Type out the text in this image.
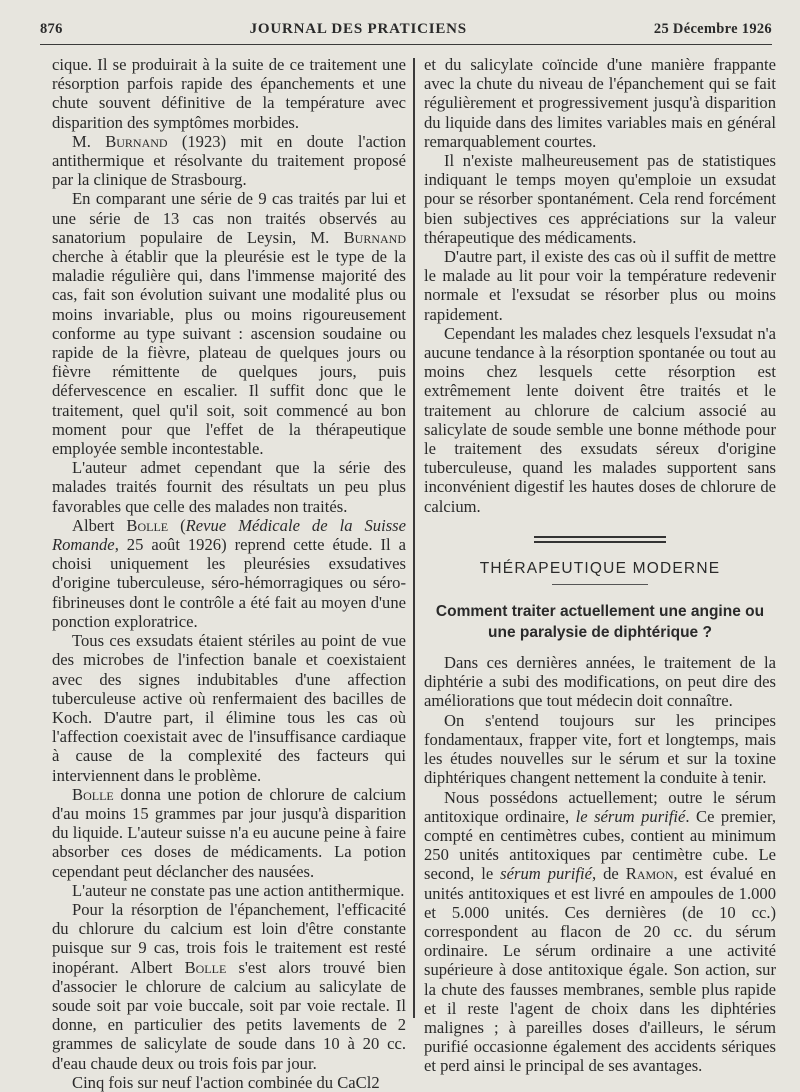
876	JOURNAL DES PRATICIENS	25 Décembre 1926

cique. Il se produirait à la suite de ce traitement une résorption parfois rapide des épanchements et une chute souvent définitive de la température avec disparition des symptômes morbides.

M. Burnand (1923) mit en doute l'action antithermique et résolvante du traitement proposé par la clinique de Strasbourg.

En comparant une série de 9 cas traités par lui et une série de 13 cas non traités observés au sanatorium populaire de Leysin, M. Burnand cherche à établir que la pleurésie est le type de la maladie régulière qui, dans l'immense majorité des cas, fait son évolution suivant une modalité plus ou moins invariable, plus ou moins rigoureusement conforme au type suivant : ascension soudaine ou rapide de la fièvre, plateau de quelques jours ou fièvre rémittente de quelques jours, puis défervescence en escalier. Il suffit donc que le traitement, quel qu'il soit, soit commencé au bon moment pour que l'effet de la thérapeutique employée semble incontestable.

L'auteur admet cependant que la série des malades traités fournit des résultats un peu plus favorables que celle des malades non traités.

Albert Bolle (Revue Médicale de la Suisse Romande, 25 août 1926) reprend cette étude. Il a choisi uniquement les pleurésies exsudatives d'origine tuberculeuse, séro-hémorragiques ou séro-fibrineuses dont le contrôle a été fait au moyen d'une ponction exploratrice.

Tous ces exsudats étaient stériles au point de vue des microbes de l'infection banale et coexistaient avec des signes indubitables d'une affection tuberculeuse active où renfermaient des bacilles de Koch. D'autre part, il élimine tous les cas où l'affection coexistait avec de l'insuffisance cardiaque à cause de la complexité des facteurs qui interviennent dans le problème.

Bolle donna une potion de chlorure de calcium d'au moins 15 grammes par jour jusqu'à disparition du liquide. L'auteur suisse n'a eu aucune peine à faire absorber ces doses de médicaments. La potion cependant peut déclancher des nausées.

L'auteur ne constate pas une action antithermique.

Pour la résorption de l'épanchement, l'efficacité du chlorure du calcium est loin d'être constante puisque sur 9 cas, trois fois le traitement est resté inopérant. Albert Bolle s'est alors trouvé bien d'associer le chlorure de calcium au salicylate de soude soit par voie buccale, soit par voie rectale. Il donne, en particulier des petits lavements de 2 grammes de salicylate de soude dans 10 à 20 cc. d'eau chaude deux ou trois fois par jour.

Cinq fois sur neuf l'action combinée du CaCl2

et du salicylate coïncide d'une manière frappante avec la chute du niveau de l'épanchement qui se fait régulièrement et progressivement jusqu'à disparition du liquide dans des limites variables mais en général remarquablement courtes.

Il n'existe malheureusement pas de statistiques indiquant le temps moyen qu'emploie un exsudat pour se résorber spontanément. Cela rend forcément bien subjectives ces appréciations sur la valeur thérapeutique des médicaments.

D'autre part, il existe des cas où il suffit de mettre le malade au lit pour voir la température redevenir normale et l'exsudat se résorber plus ou moins rapidement.

Cependant les malades chez lesquels l'exsudat n'a aucune tendance à la résorption spontanée ou tout au moins chez lesquels cette résorption est extrêmement lente doivent être traités et le traitement au chlorure de calcium associé au salicylate de soude semble une bonne méthode pour le traitement des exsudats séreux d'origine tuberculeuse, quand les malades supportent sans inconvénient digestif les hautes doses de chlorure de calcium.

THÉRAPEUTIQUE MODERNE
Comment traiter actuellement une angine ou une paralysie de diphtérique ?

Dans ces dernières années, le traitement de la diphtérie a subi des modifications, on peut dire des améliorations que tout médecin doit connaître.

On s'entend toujours sur les principes fondamentaux, frapper vite, fort et longtemps, mais les études nouvelles sur le sérum et sur la toxine diphtériques changent nettement la conduite à tenir.

Nous possédons actuellement; outre le sérum antitoxique ordinaire, le sérum purifié. Ce premier, compté en centimètres cubes, contient au minimum 250 unités antitoxiques par centimètre cube. Le second, le sérum purifié, de Ramon, est évalué en unités antitoxiques et est livré en ampoules de 1.000 et 5.000 unités. Ces dernières (de 10 cc.) correspondent au flacon de 20 cc. du sérum ordinaire. Le sérum ordinaire a une activité supérieure à dose antitoxique égale. Son action, sur la chute des fausses membranes, semble plus rapide et il reste l'agent de choix dans les diphtéries malignes ; à pareilles doses d'ailleurs, le sérum purifié occasionne également des accidents sériques et perd ainsi le principal de ses avantages.
